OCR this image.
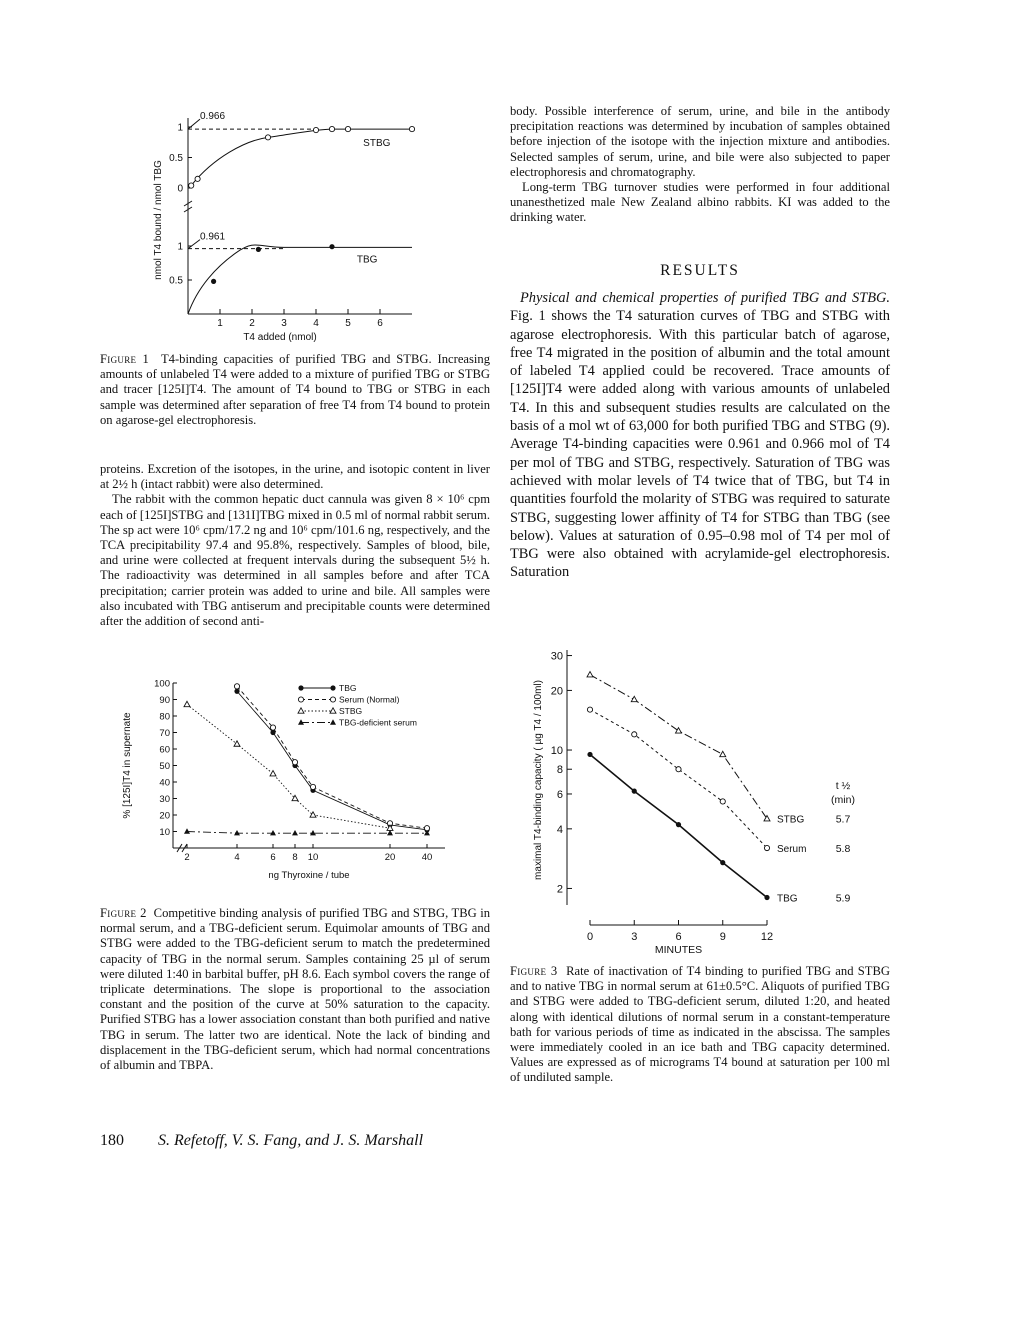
0
0.5
1
0.5
1
1	2	3	4	5	6
T4 added (nmol)
nmol T4 bound / nmol TBG
0.966
STBG
0.961
TBG

Figure 1 T4-binding capacities of purified TBG and STBG. Increasing amounts of unlabeled T4 were added to a mixture of purified TBG or STBG and tracer [125I]T4. The amount of T4 bound to TBG or STBG in each sample was determined after separation of free T4 from T4 bound to protein on agarose-gel electrophoresis.

proteins. Excretion of the isotopes, in the urine, and isotopic content in liver at 2½ h (intact rabbit) were also determined.

The rabbit with the common hepatic duct cannula was given 8 × 10⁶ cpm each of [125I]STBG and [131I]TBG mixed in 0.5 ml of normal rabbit serum. The sp act were 10⁶ cpm/17.2 ng and 10⁶ cpm/101.6 ng, respectively, and the TCA precipitability 97.4 and 95.8%, respectively. Samples of blood, bile, and urine were collected at frequent intervals during the subsequent 5½ h. The radioactivity was determined in all samples before and after TCA precipitation; carrier protein was added to urine and bile. All samples were also incubated with TBG antiserum and precipitable counts were determined after the addition of second anti-

10
20
30
40
50
60
70
80
90
100
2	4	6 8 10	20	40
ng Thyroxine / tube
% [125I]T4 in supernate
TBG
Serum (Normal)
STBG
TBG-deficient serum

Figure 2 Competitive binding analysis of purified TBG and STBG, TBG in normal serum, and a TBG-deficient serum. Equimolar amounts of TBG and STBG were added to the TBG-deficient serum to match the predetermined capacity of TBG in the normal serum. Samples containing 25 µl of serum were diluted 1:40 in barbital buffer, pH 8.6. Each symbol covers the range of triplicate determinations. The slope is proportional to the association constant and the position of the curve at 50% saturation to the capacity. Purified STBG has a lower association constant than both purified and native TBG in serum. The latter two are identical. Note the lack of binding and displacement in the TBG-deficient serum, which had normal concentrations of albumin and TBPA.

body. Possible interference of serum, urine, and bile in the antibody precipitation reactions was determined by incubation of samples obtained before injection of the isotope with the injection mixture and antibodies. Selected samples of serum, urine, and bile were also subjected to paper electrophoresis and chromatography.

Long-term TBG turnover studies were performed in four additional unanesthetized male New Zealand albino rabbits. KI was added to the drinking water.

RESULTS

Physical and chemical properties of purified TBG and STBG. Fig. 1 shows the T4 saturation curves of TBG and STBG with agarose electrophoresis. With this particular batch of agarose, free T4 migrated in the position of albumin and the total amount of labeled T4 applied could be recovered. Trace amounts of [125I]T4 were added along with various amounts of unlabeled T4. In this and subsequent studies results are calculated on the basis of a mol wt of 63,000 for both purified TBG and STBG (9). Average T4-binding capacities were 0.961 and 0.966 mol of T4 per mol of TBG and STBG, respectively. Saturation of TBG was achieved with molar levels of T4 twice that of TBG, but T4 in quantities fourfold the molarity of STBG was required to saturate STBG, suggesting lower affinity of T4 for STBG than TBG (see below). Values at saturation of 0.95–0.98 mol of T4 per mol of TBG were also obtained with acrylamide-gel electrophoresis. Saturation

2
4
6
8
10
20
30
0	3	6	9	12
MINUTES
maximal T4-binding capacity ( µg T4 / 100ml)	t ½
(min)
STBG	5.7
Serum	5.8
TBG	5.9

Figure 3 Rate of inactivation of T4 binding to purified TBG and STBG and to native TBG in normal serum at 61±0.5°C. Aliquots of purified TBG and STBG were added to TBG-deficient serum, diluted 1:20, and heated along with identical dilutions of normal serum in a constant-temperature bath for various periods of time as indicated in the abscissa. The samples were immediately cooled in an ice bath and TBG capacity determined. Values are expressed as of micrograms T4 bound at saturation per 100 ml of undiluted sample.

180 S. Refetoff, V. S. Fang, and J. S. Marshall
